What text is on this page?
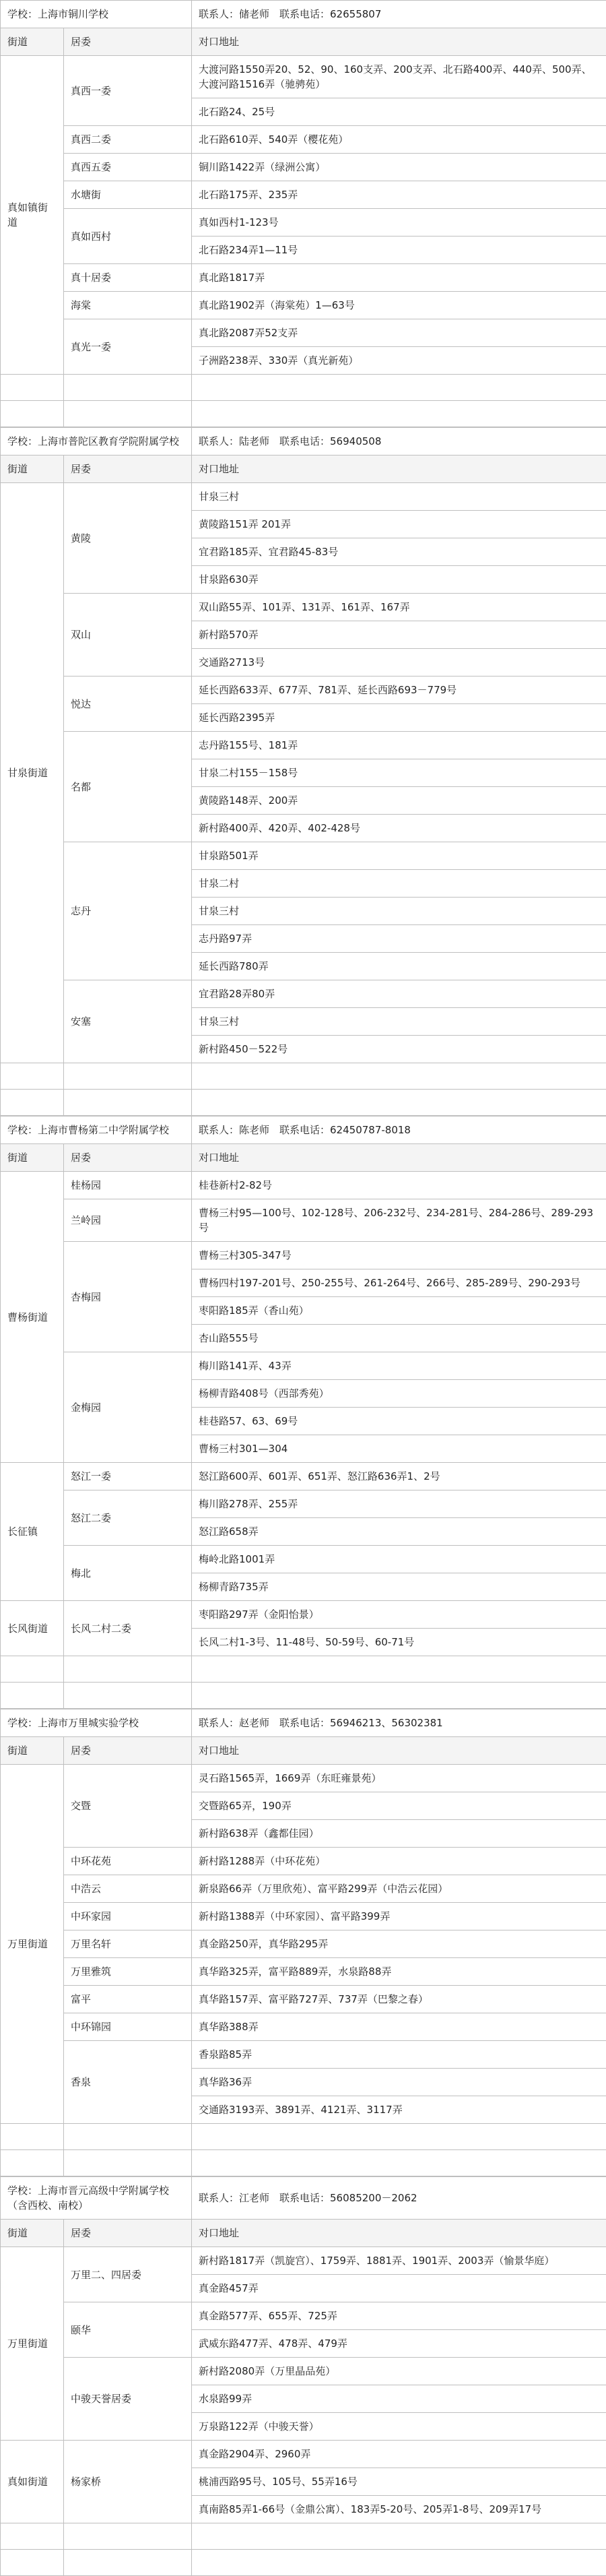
学校：上海市铜川学校		联系人：储老师　联系电话：62655807
街道	居委	对口地址
真如镇街道	真西一委	大渡河路1550弄20、52、90、160支弄、200支弄、北石路400弄、440弄、500弄、大渡河路1516弄（驰骋苑）
		北石路24、25号
	真西二委	北石路610弄、540弄（樱花苑）
	真西五委	铜川路1422弄（绿洲公寓）
	水塘街	北石路175弄、235弄
	真如西村	真如西村1-123号
		北石路234弄1—11号
	真十居委	真北路1817弄
	海棠	真北路1902弄（海棠苑）1—63号
	真光一委	真北路2087弄52支弄
		子洲路238弄、330弄（真光新苑）

学校：上海市普陀区教育学院附属学校		联系人：陆老师　联系电话：56940508
街道	居委	对口地址
甘泉街道	黄陵	甘泉三村
		黄陵路151弄 201弄
		宜君路185弄、宜君路45-83号
		甘泉路630弄
	双山	双山路55弄、101弄、131弄、161弄、167弄
		新村路570弄
		交通路2713号
	悦达	延长西路633弄、677弄、781弄、延长西路693－779号
		延长西路2395弄
	名都	志丹路155号、181弄
		甘泉二村155－158号
		黄陵路148弄、200弄
		新村路400弄、420弄、402-428号
	志丹	甘泉路501弄
		甘泉二村
		甘泉三村
		志丹路97弄
		延长西路780弄
	安塞	宜君路28弄80弄
		甘泉三村
		新村路450－522号

学校：上海市曹杨第二中学附属学校		联系人：陈老师　联系电话：62450787-8018
街道	居委	对口地址
曹杨街道	桂杨园	桂巷新村2-82号
	兰岭园	曹杨三村95—100号、102-128号、206-232号、234-281号、284-286号、289-293号
	杏梅园	曹杨三村305-347号
		曹杨四村197-201号、250-255号、261-264号、266号、285-289号、290-293号
		枣阳路185弄（香山苑）
		杏山路555号
	金梅园	梅川路141弄、43弄
		杨柳青路408号（西部秀苑）
		桂巷路57、63、69号
		曹杨三村301—304
长征镇	怒江一委	怒江路600弄、601弄、651弄、怒江路636弄1、2号
	怒江二委	梅川路278弄、255弄
		怒江路658弄
	梅北	梅岭北路1001弄
		杨柳青路735弄
长风街道	长风二村二委	枣阳路297弄（金阳怡景）
		长风二村1-3号、11-48号、50-59号、60-71号

学校：上海市万里城实验学校		联系人：赵老师　联系电话：56946213、56302381
街道	居委	对口地址
万里街道	交暨	灵石路1565弄，1669弄（东旺雍景苑）
		交暨路65弄，190弄
		新村路638弄（鑫都佳园）
	中环花苑	新村路1288弄（中环花苑）
	中浩云	新泉路66弄（万里欣苑）、富平路299弄（中浩云花园）
	中环家园	新村路1388弄（中环家园）、富平路399弄
	万里名轩	真金路250弄，真华路295弄
	万里雅筑	真华路325弄，富平路889弄，水泉路88弄
	富平	真华路157弄、富平路727弄、737弄（巴黎之春）
	中环锦园	真华路388弄
	香泉	香泉路85弄
		真华路36弄
		交通路3193弄、3891弄、4121弄、3117弄

学校：上海市晋元高级中学附属学校（含西校、南校）		联系人：江老师　联系电话：56085200－2062
街道	居委	对口地址
万里街道	万里二、四居委	新村路1817弄（凯旋宫）、1759弄、1881弄、1901弄、2003弄（愉景华庭）
		真金路457弄
	颐华	真金路577弄、655弄、725弄
		武威东路477弄、478弄、479弄
	中骏天誉居委	新村路2080弄（万里晶品苑）
		水泉路99弄
		万泉路122弄（中骏天誉）
真如街道	杨家桥	真金路2904弄、2960弄
		桃浦西路95号、105号、55弄16号
		真南路85弄1-66号（金鼎公寓）、183弄5-20号、205弄1-8号、209弄17号
